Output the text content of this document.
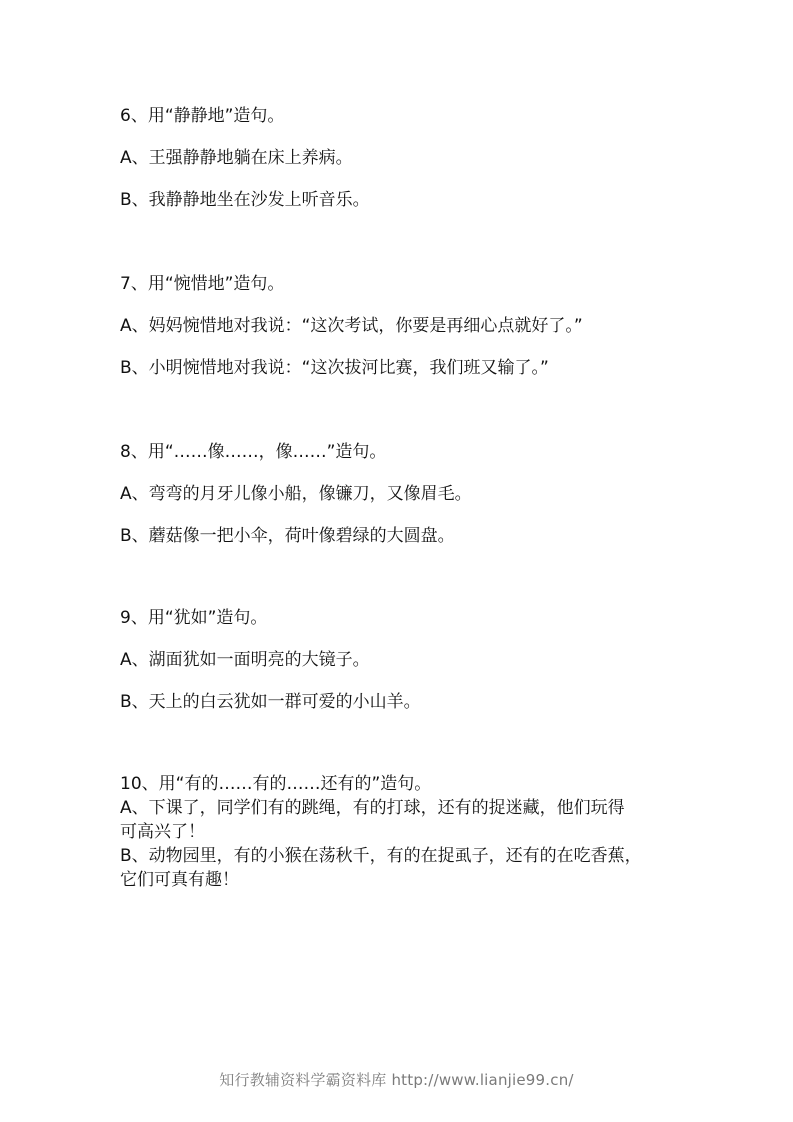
6、用“静静地”造句。

A、王强静静地躺在床上养病。

B、我静静地坐在沙发上听音乐。

7、用“惋惜地”造句。

A、妈妈惋惜地对我说：“这次考试，你要是再细心点就好了。”

B、小明惋惜地对我说：“这次拔河比赛，我们班又输了。”

8、用“……像……，像……”造句。

A、弯弯的月牙儿像小船，像镰刀，又像眉毛。

B、蘑菇像一把小伞，荷叶像碧绿的大圆盘。

9、用“犹如”造句。

A、湖面犹如一面明亮的大镜子。

B、天上的白云犹如一群可爱的小山羊。

10、用“有的……有的……还有的”造句。

A、下课了，同学们有的跳绳，有的打球，还有的捉迷藏，他们玩得

可高兴了！

B、动物园里，有的小猴在荡秋千，有的在捉虱子，还有的在吃香蕉，

它们可真有趣！

知行教辅资料学霸资料库 http://www.lianjie99.cn/
